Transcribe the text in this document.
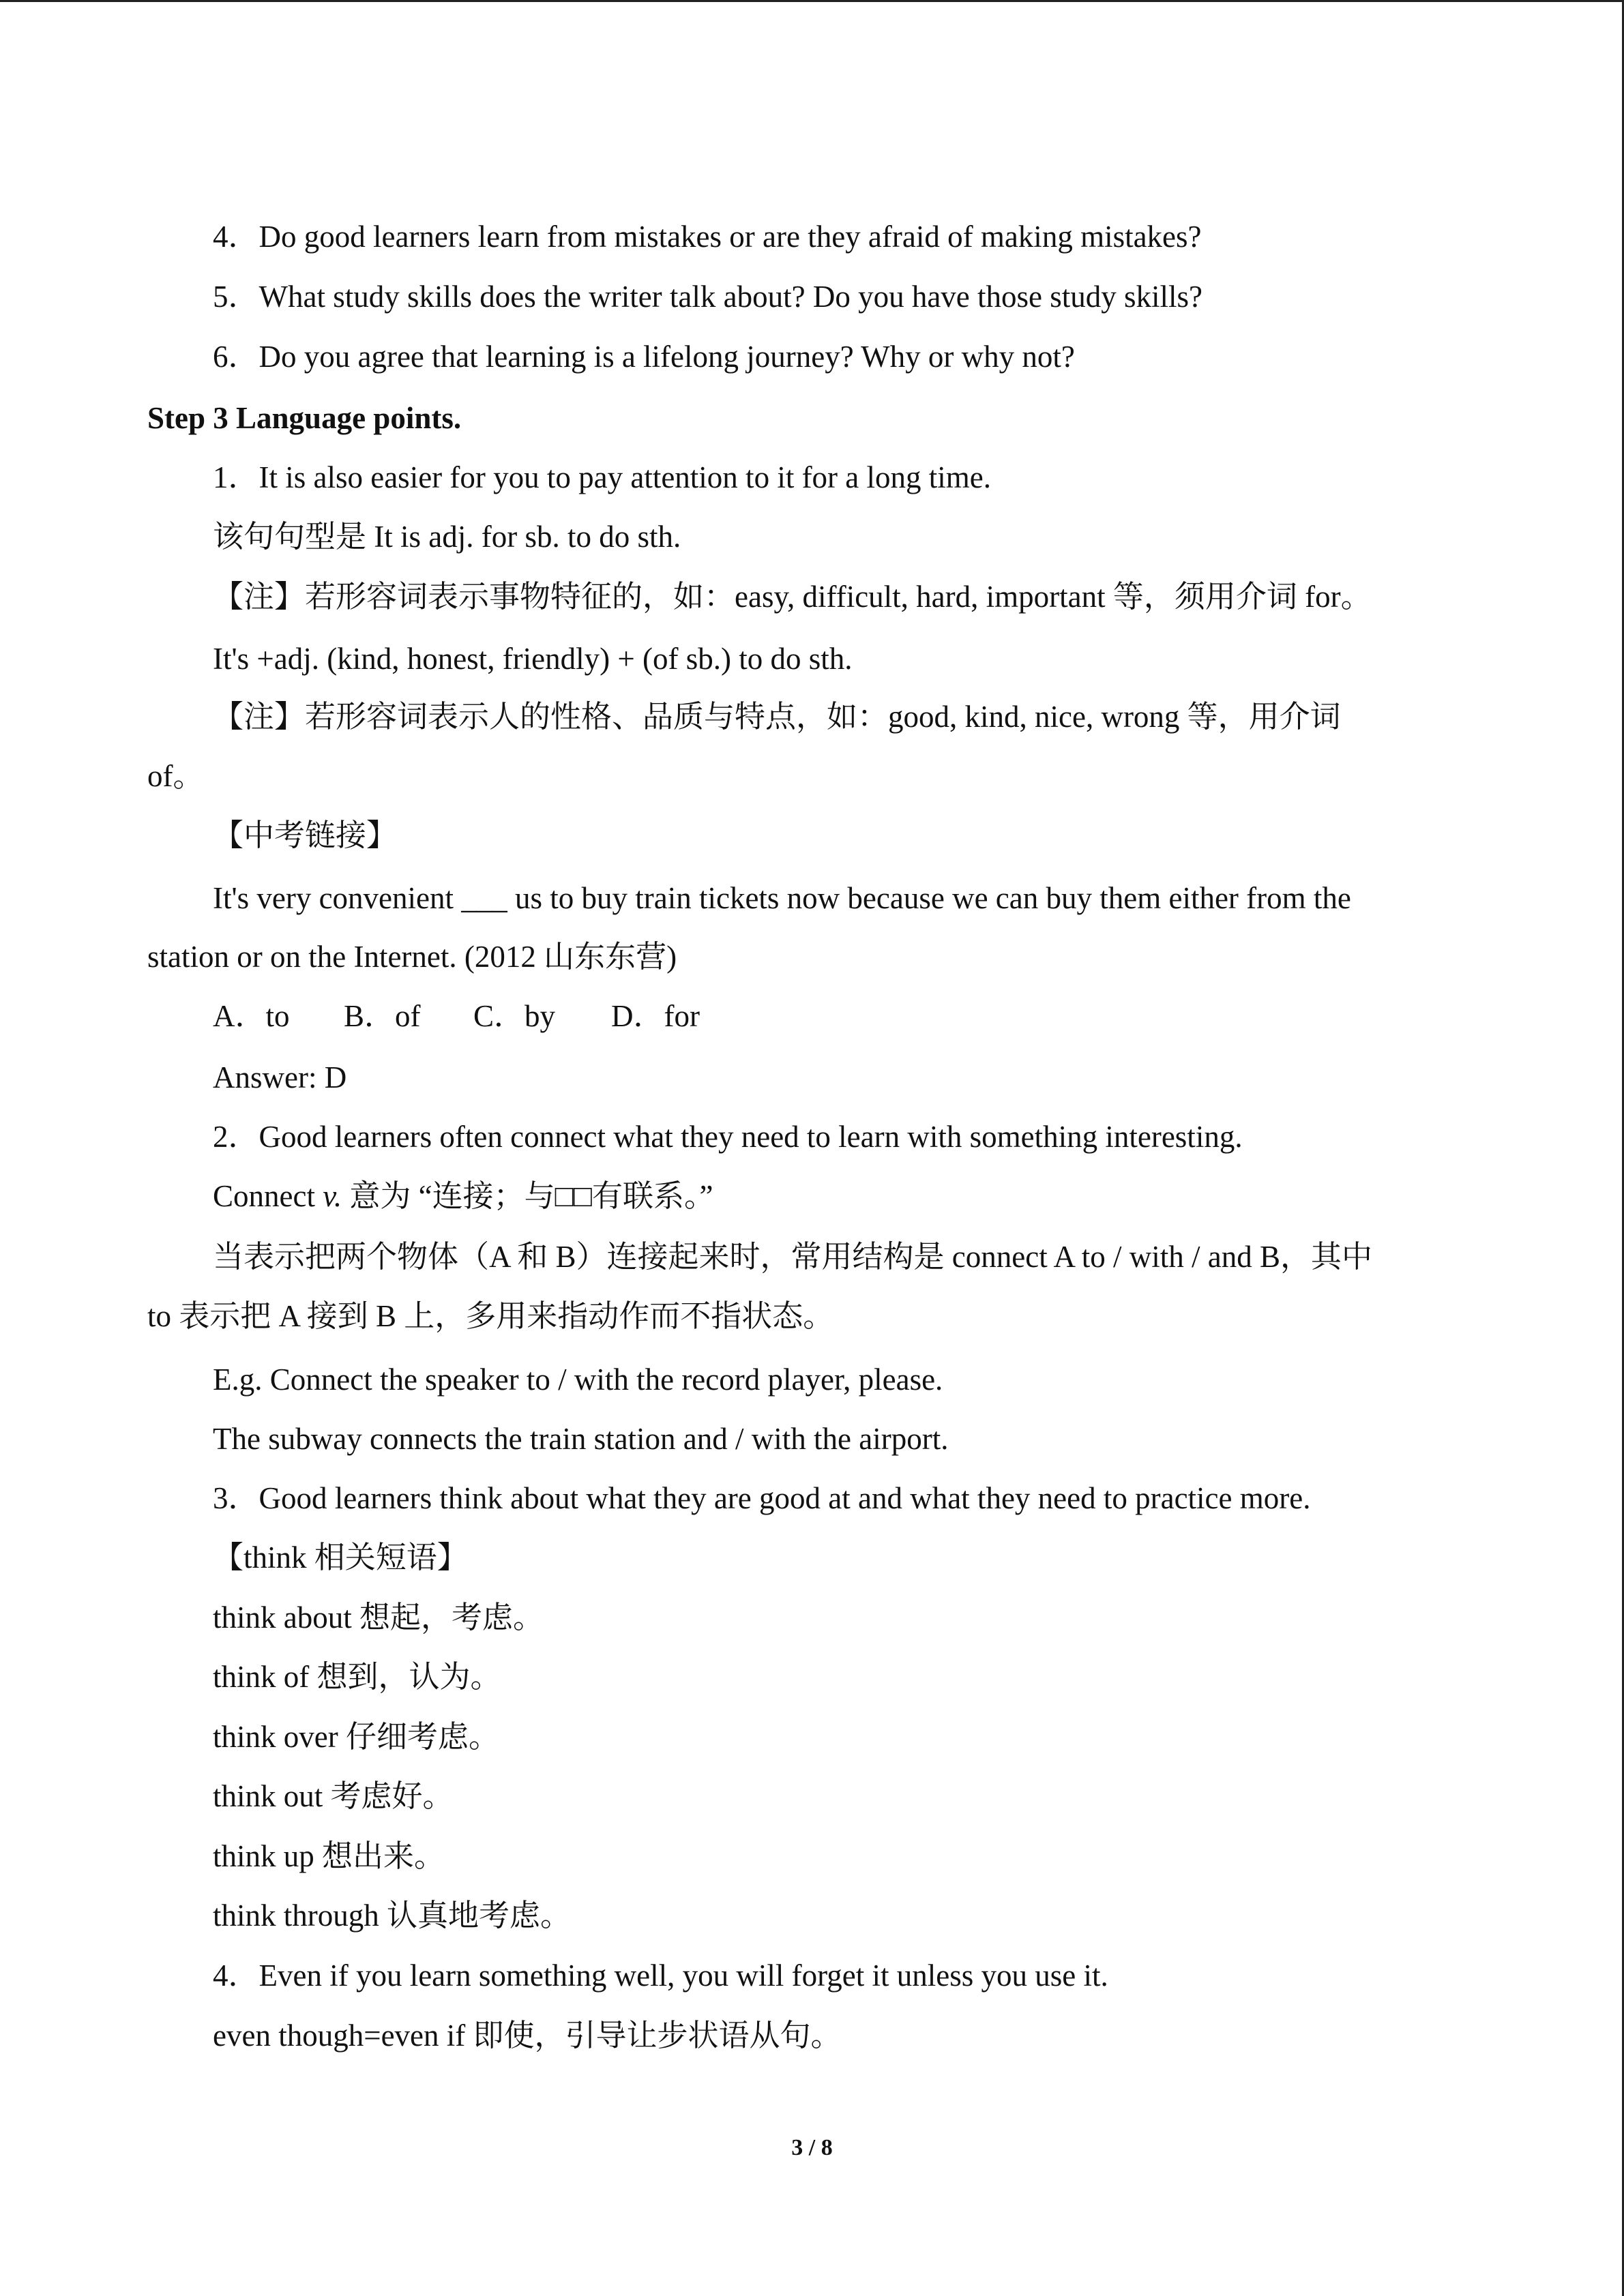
4．Do good learners learn from mistakes or are they afraid of making mistakes?
5．What study skills does the writer talk about? Do you have those study skills?
6．Do you agree that learning is a lifelong journey? Why or why not?
Step 3 Language points.
1．It is also easier for you to pay attention to it for a long time.
该句句型是 It is adj. for sb. to do sth.
【注】若形容词表示事物特征的，如：easy, difficult, hard, important 等，须用介词 for。
It's +adj. (kind, honest, friendly) + (of sb.) to do sth.
【注】若形容词表示人的性格、品质与特点，如：good, kind, nice, wrong 等，用介词
of。
【中考链接】
It's very convenient ___ us to buy train tickets now because we can buy them either from the
station or on the Internet. (2012 山东东营)
A．to B．of C．by D．for
Answer: D
2．Good learners often connect what they need to learn with something interesting.
Connect v. 意为 “连接；与□□有联系。”
当表示把两个物体（A 和 B）连接起来时，常用结构是 connect A to / with / and B，其中
to 表示把 A 接到 B 上，多用来指动作而不指状态。
E.g. Connect the speaker to / with the record player, please.
The subway connects the train station and / with the airport.
3．Good learners think about what they are good at and what they need to practice more.
【think 相关短语】
think about 想起，考虑。
think of 想到，认为。
think over 仔细考虑。
think out 考虑好。
think up 想出来。
think through 认真地考虑。
4．Even if you learn something well, you will forget it unless you use it.
even though=even if 即使，引导让步状语从句。
3 / 8
